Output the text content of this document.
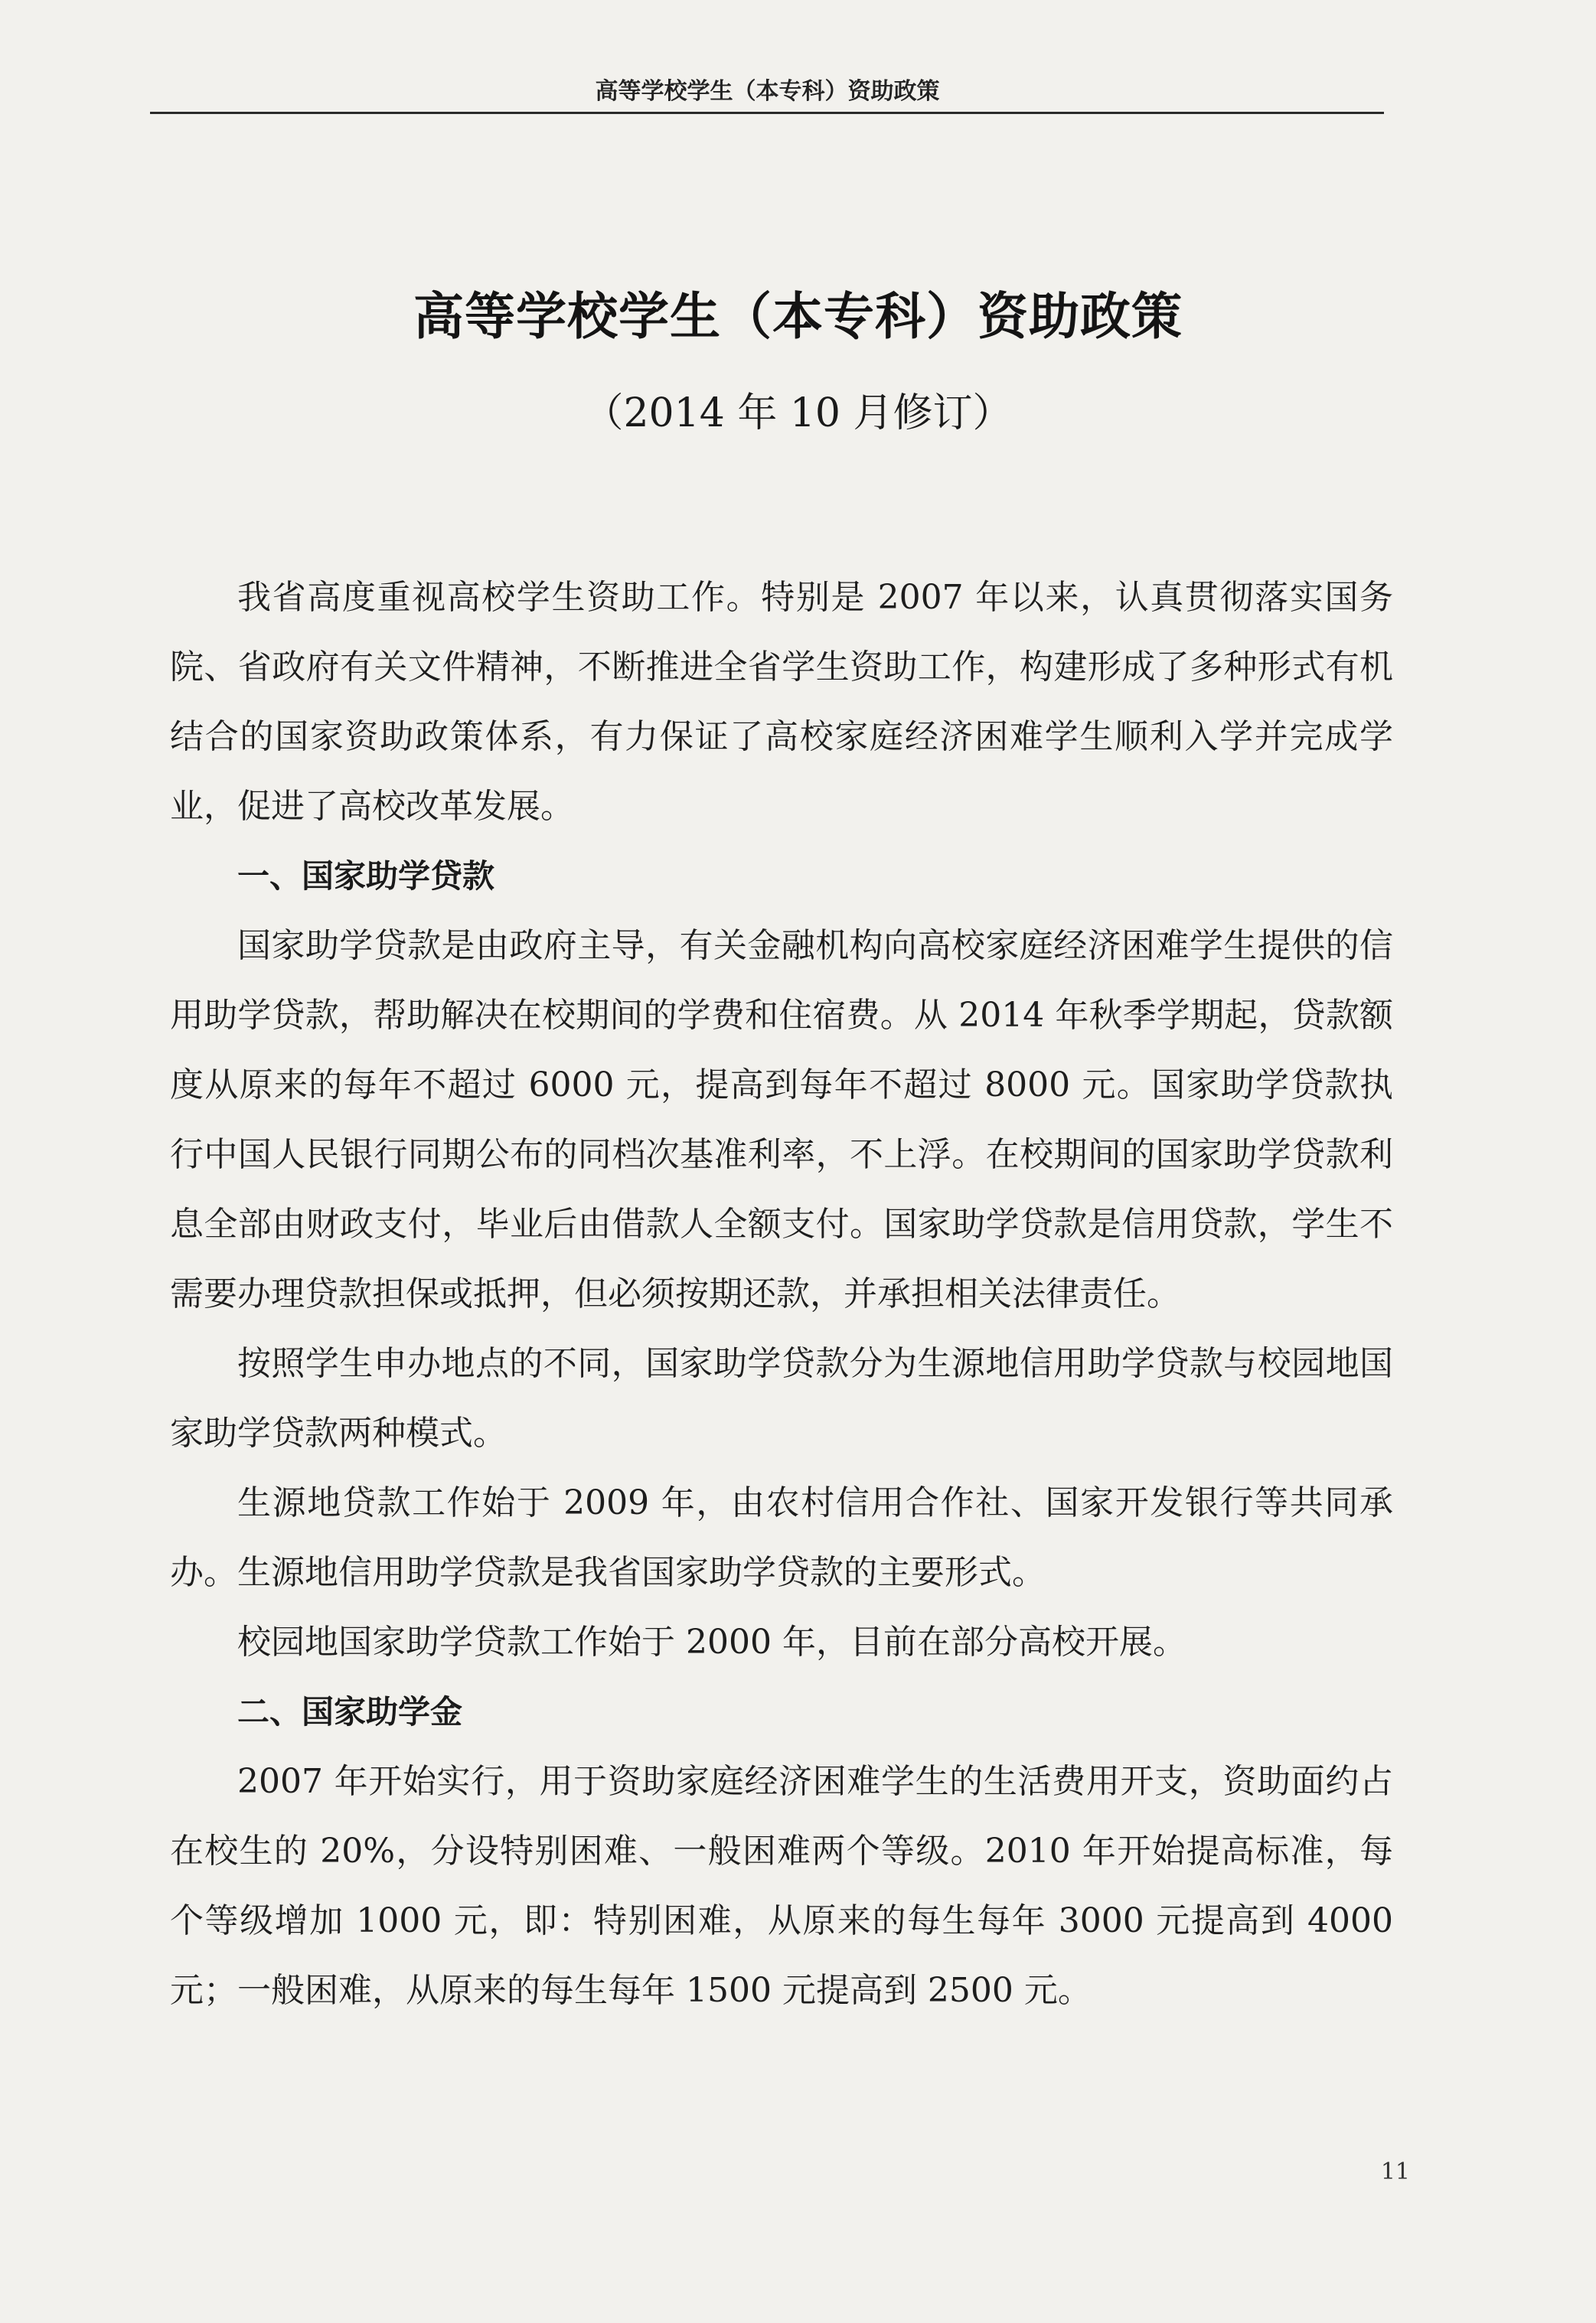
高等学校学生（本专科）资助政策
高等学校学生（本专科）资助政策
（2014 年 10 月修订）

我省高度重视高校学生资助工作。特别是 2007 年以来，认真贯彻落实国务院、省政府有关文件精神，不断推进全省学生资助工作，构建形成了多种形式有机结合的国家资助政策体系，有力保证了高校家庭经济困难学生顺利入学并完成学业，促进了高校改革发展。

一、国家助学贷款

国家助学贷款是由政府主导，有关金融机构向高校家庭经济困难学生提供的信用助学贷款，帮助解决在校期间的学费和住宿费。从 2014 年秋季学期起，贷款额度从原来的每年不超过 6000 元，提高到每年不超过 8000 元。国家助学贷款执行中国人民银行同期公布的同档次基准利率，不上浮。在校期间的国家助学贷款利息全部由财政支付，毕业后由借款人全额支付。国家助学贷款是信用贷款，学生不需要办理贷款担保或抵押，但必须按期还款，并承担相关法律责任。

按照学生申办地点的不同，国家助学贷款分为生源地信用助学贷款与校园地国家助学贷款两种模式。

生源地贷款工作始于 2009 年，由农村信用合作社、国家开发银行等共同承办。生源地信用助学贷款是我省国家助学贷款的主要形式。

校园地国家助学贷款工作始于 2000 年，目前在部分高校开展。

二、国家助学金

2007 年开始实行，用于资助家庭经济困难学生的生活费用开支，资助面约占在校生的 20%，分设特别困难、一般困难两个等级。2010 年开始提高标准，每个等级增加 1000 元，即：特别困难，从原来的每生每年 3000 元提高到 4000 元；一般困难，从原来的每生每年 1500 元提高到 2500 元。

11
